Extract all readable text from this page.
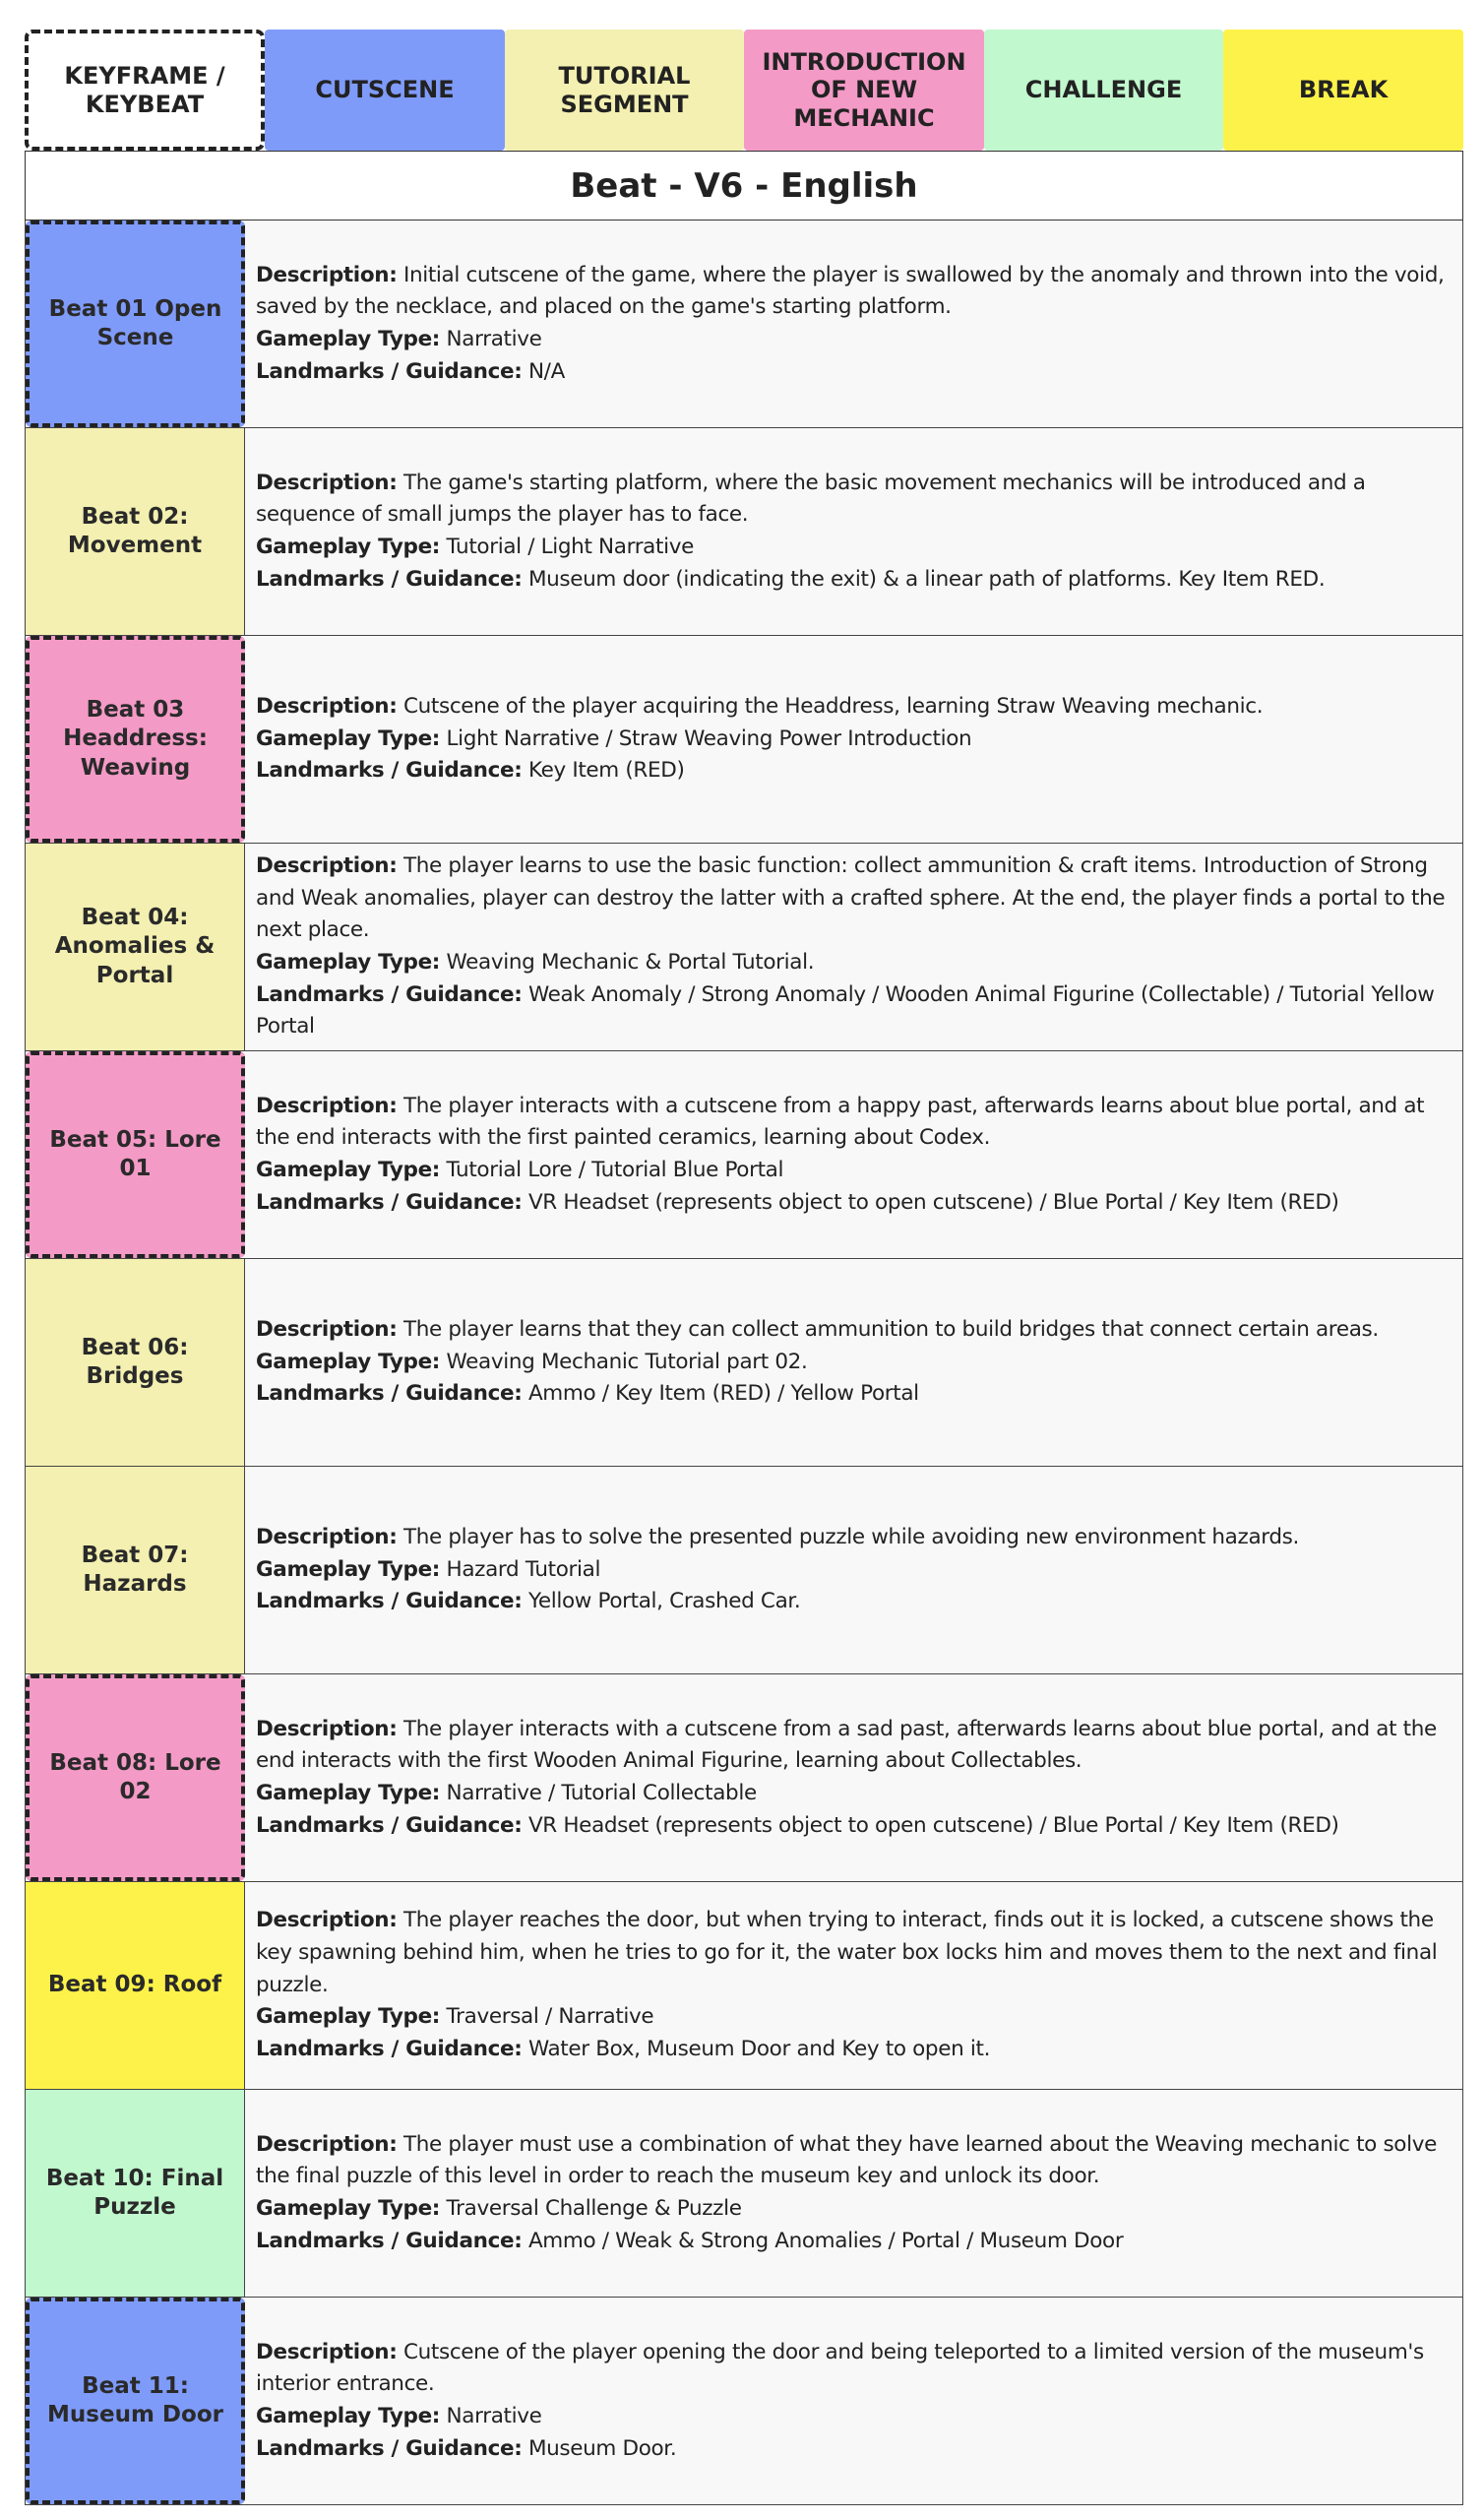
KEYFRAME / KEYBEAT
CUTSCENE
TUTORIAL SEGMENT
INTRODUCTION OF NEW MECHANIC
CHALLENGE	BREAK
Beat - V6 - English
Beat 01 Open Scene

Description: Initial cutscene of the game, where the player is swallowed by the anomaly and thrown into the void, saved by the necklace, and placed on the game's starting platform.

Gameplay Type: Narrative

Landmarks / Guidance: N/A

Beat 02: Movement

Description: The game's starting platform, where the basic movement mechanics will be introduced and a sequence of small jumps the player has to face.

Gameplay Type: Tutorial / Light Narrative

Landmarks / Guidance: Museum door (indicating the exit) & a linear path of platforms. Key Item RED.

Beat 03 Headdress: Weaving

Description: Cutscene of the player acquiring the Headdress, learning Straw Weaving mechanic.

Gameplay Type: Light Narrative / Straw Weaving Power Introduction

Landmarks / Guidance: Key Item (RED)

Beat 04: Anomalies & Portal

Description: The player learns to use the basic function: collect ammunition & craft items. Introduction of Strong and Weak anomalies, player can destroy the latter with a crafted sphere. At the end, the player finds a portal to the next place.

Gameplay Type: Weaving Mechanic & Portal Tutorial.

Landmarks / Guidance: Weak Anomaly / Strong Anomaly / Wooden Animal Figurine (Collectable) / Tutorial Yellow Portal

Beat 05: Lore 01

Description: The player interacts with a cutscene from a happy past, afterwards learns about blue portal, and at the end interacts with the first painted ceramics, learning about Codex.

Gameplay Type: Tutorial Lore / Tutorial Blue Portal

Landmarks / Guidance: VR Headset (represents object to open cutscene) / Blue Portal / Key Item (RED)

Beat 06: Bridges

Description: The player learns that they can collect ammunition to build bridges that connect certain areas.

Gameplay Type: Weaving Mechanic Tutorial part 02.

Landmarks / Guidance: Ammo / Key Item (RED) / Yellow Portal

Beat 07: Hazards

Description: The player has to solve the presented puzzle while avoiding new environment hazards.

Gameplay Type: Hazard Tutorial

Landmarks / Guidance: Yellow Portal, Crashed Car.

Beat 08: Lore 02

Description: The player interacts with a cutscene from a sad past, afterwards learns about blue portal, and at the end interacts with the first Wooden Animal Figurine, learning about Collectables.

Gameplay Type: Narrative / Tutorial Collectable

Landmarks / Guidance: VR Headset (represents object to open cutscene) / Blue Portal / Key Item (RED)

Beat 09: Roof

Description: The player reaches the door, but when trying to interact, finds out it is locked, a cutscene shows the key spawning behind him, when he tries to go for it, the water box locks him and moves them to the next and final puzzle.

Gameplay Type: Traversal / Narrative

Landmarks / Guidance: Water Box, Museum Door and Key to open it.

Beat 10: Final Puzzle

Description: The player must use a combination of what they have learned about the Weaving mechanic to solve the final puzzle of this level in order to reach the museum key and unlock its door.

Gameplay Type: Traversal Challenge & Puzzle

Landmarks / Guidance: Ammo / Weak & Strong Anomalies / Portal / Museum Door

Beat 11: Museum Door

Description: Cutscene of the player opening the door and being teleported to a limited version of the museum's interior entrance.

Gameplay Type: Narrative

Landmarks / Guidance: Museum Door.
